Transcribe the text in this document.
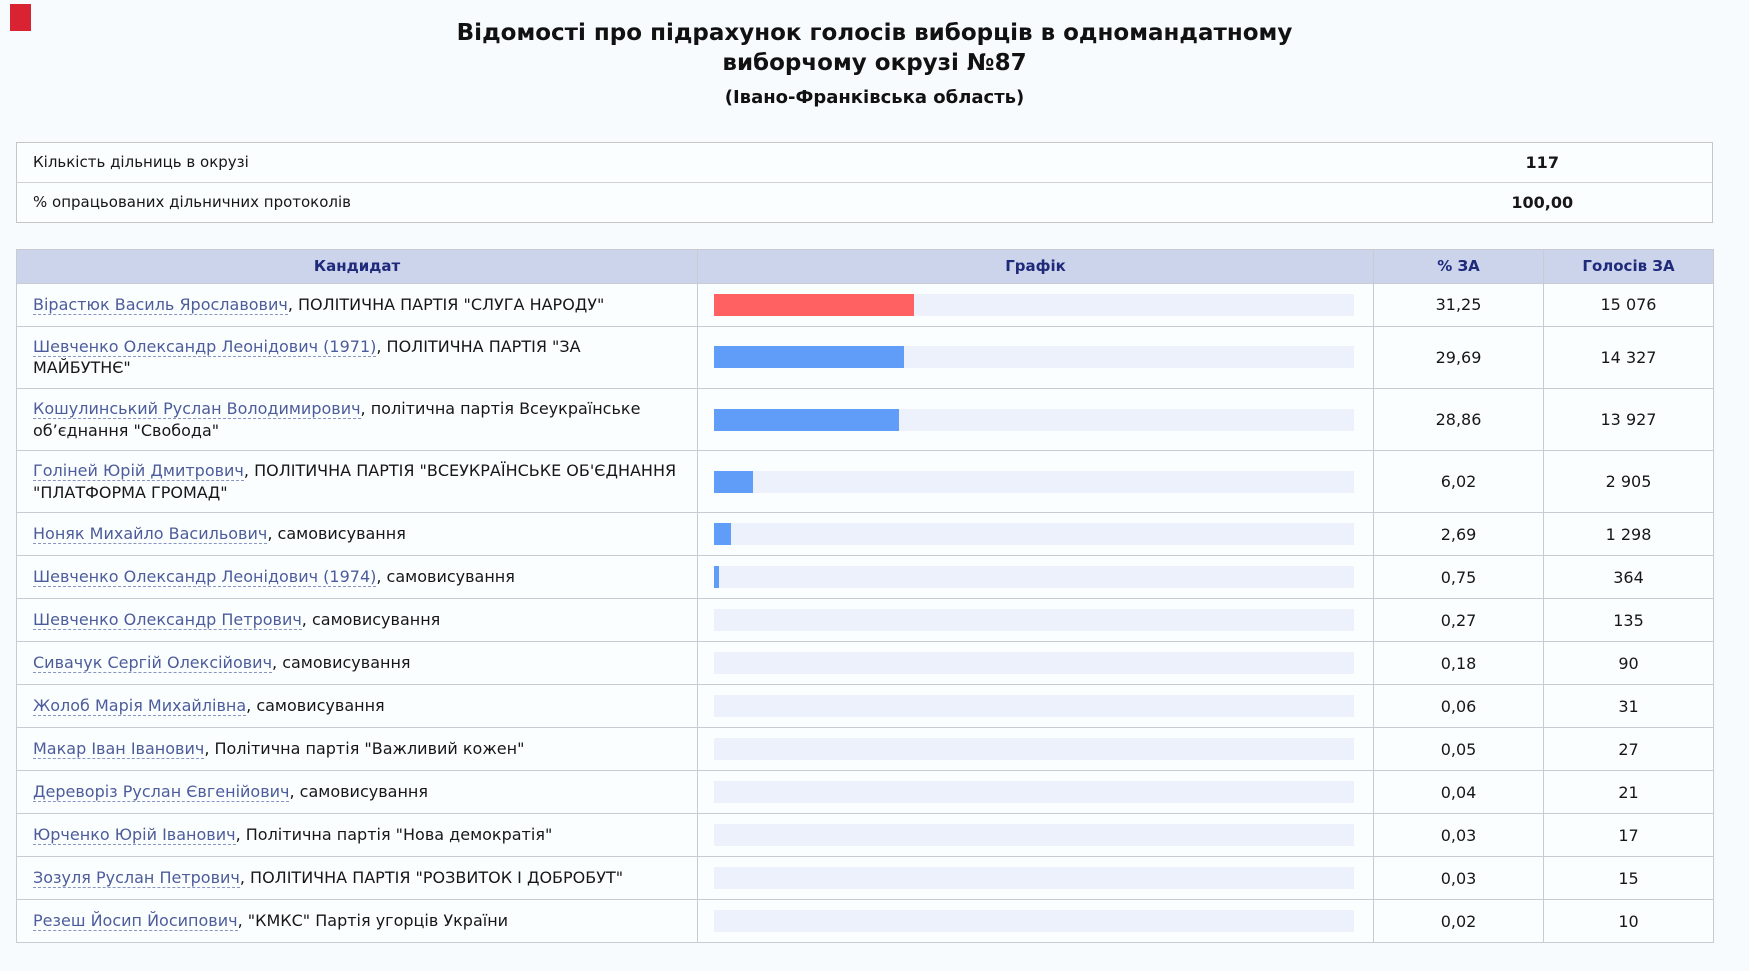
Відомості про підрахунок голосів виборців в одномандатному
виборчому окрузі №87
(Івано-Франківська область)
Кількість дільниць в окрузі	117
% опрацьованих дільничних протоколів	100,00
Кандидат	Графік	% ЗА	Голосів ЗА
Вірастюк Василь Ярославович, ПОЛІТИЧНА ПАРТІЯ "СЛУГА НАРОДУ"		31,25	15 076
Шевченко Олександр Леонідович (1971), ПОЛІТИЧНА ПАРТІЯ "ЗА МАЙБУТНЄ"		29,69	14 327
Кошулинський Руслан Володимирович, політична партія Всеукраїнське об’єднання "Свобода"		28,86	13 927
Голіней Юрій Дмитрович, ПОЛІТИЧНА ПАРТІЯ "ВСЕУКРАЇНСЬКЕ ОБ'ЄДНАННЯ "ПЛАТФОРМА ГРОМАД"		6,02	2 905
Ноняк Михайло Васильович, самовисування		2,69	1 298
Шевченко Олександр Леонідович (1974), самовисування		0,75	364
Шевченко Олександр Петрович, самовисування		0,27	135
Сивачук Сергій Олексійович, самовисування		0,18	90
Жолоб Марія Михайлівна, самовисування		0,06	31
Макар Іван Іванович, Політична партія "Важливий кожен"		0,05	27
Дереворіз Руслан Євгенійович, самовисування		0,04	21
Юрченко Юрій Іванович, Політична партія "Нова демократія"		0,03	17
Зозуля Руслан Петрович, ПОЛІТИЧНА ПАРТІЯ "РОЗВИТОК І ДОБРОБУТ"		0,03	15
Резеш Йосип Йосипович, "КМКС" Партія угорців України		0,02	10
